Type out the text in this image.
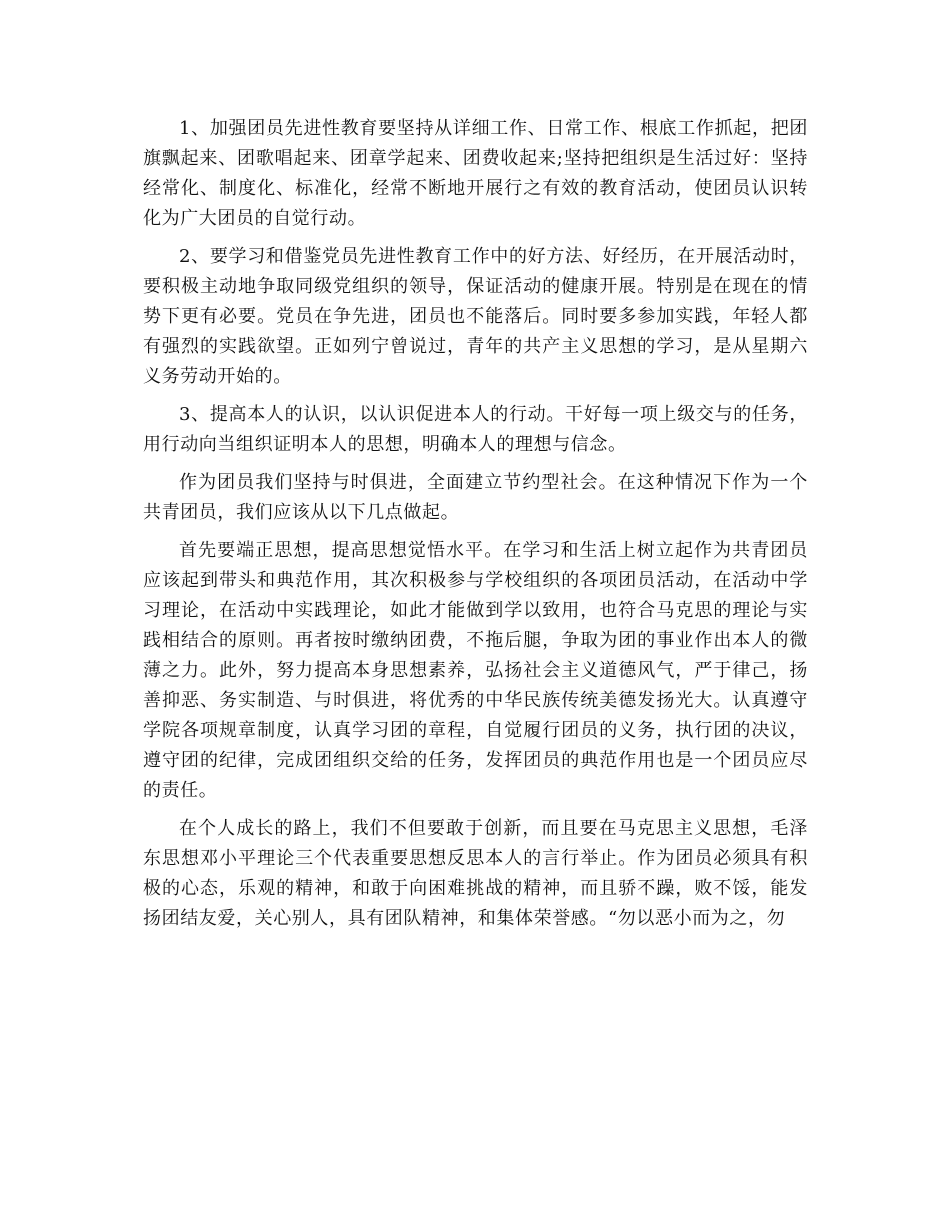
1、加强团员先进性教育要坚持从详细工作、日常工作、根底工作抓起，把团旗飘起来、团歌唱起来、团章学起来、团费收起来;坚持把组织是生活过好：坚持经常化、制度化、标准化，经常不断地开展行之有效的教育活动，使团员认识转化为广大团员的自觉行动。

2、要学习和借鉴党员先进性教育工作中的好方法、好经历，在开展活动时，要积极主动地争取同级党组织的领导，保证活动的健康开展。特别是在现在的情势下更有必要。党员在争先进，团员也不能落后。同时要多参加实践，年轻人都有强烈的实践欲望。正如列宁曾说过，青年的共产主义思想的学习，是从星期六义务劳动开始的。

3、提高本人的认识，以认识促进本人的行动。干好每一项上级交与的任务，用行动向当组织证明本人的思想，明确本人的理想与信念。

作为团员我们坚持与时俱进，全面建立节约型社会。在这种情况下作为一个共青团员，我们应该从以下几点做起。

首先要端正思想，提高思想觉悟水平。在学习和生活上树立起作为共青团员应该起到带头和典范作用，其次积极参与学校组织的各项团员活动，在活动中学习理论，在活动中实践理论，如此才能做到学以致用，也符合马克思的理论与实践相结合的原则。再者按时缴纳团费，不拖后腿，争取为团的事业作出本人的微薄之力。此外，努力提高本身思想素养，弘扬社会主义道德风气，严于律己，扬善抑恶、务实制造、与时俱进，将优秀的中华民族传统美德发扬光大。认真遵守学院各项规章制度，认真学习团的章程，自觉履行团员的义务，执行团的决议，遵守团的纪律，完成团组织交给的任务，发挥团员的典范作用也是一个团员应尽的责任。

在个人成长的路上，我们不但要敢于创新，而且要在马克思主义思想，毛泽东思想邓小平理论三个代表重要思想反思本人的言行举止。作为团员必须具有积极的心态，乐观的精神，和敢于向困难挑战的精神，而且骄不躁，败不馁，能发扬团结友爱，关心别人，具有团队精神，和集体荣誉感。“勿以恶小而为之，勿
